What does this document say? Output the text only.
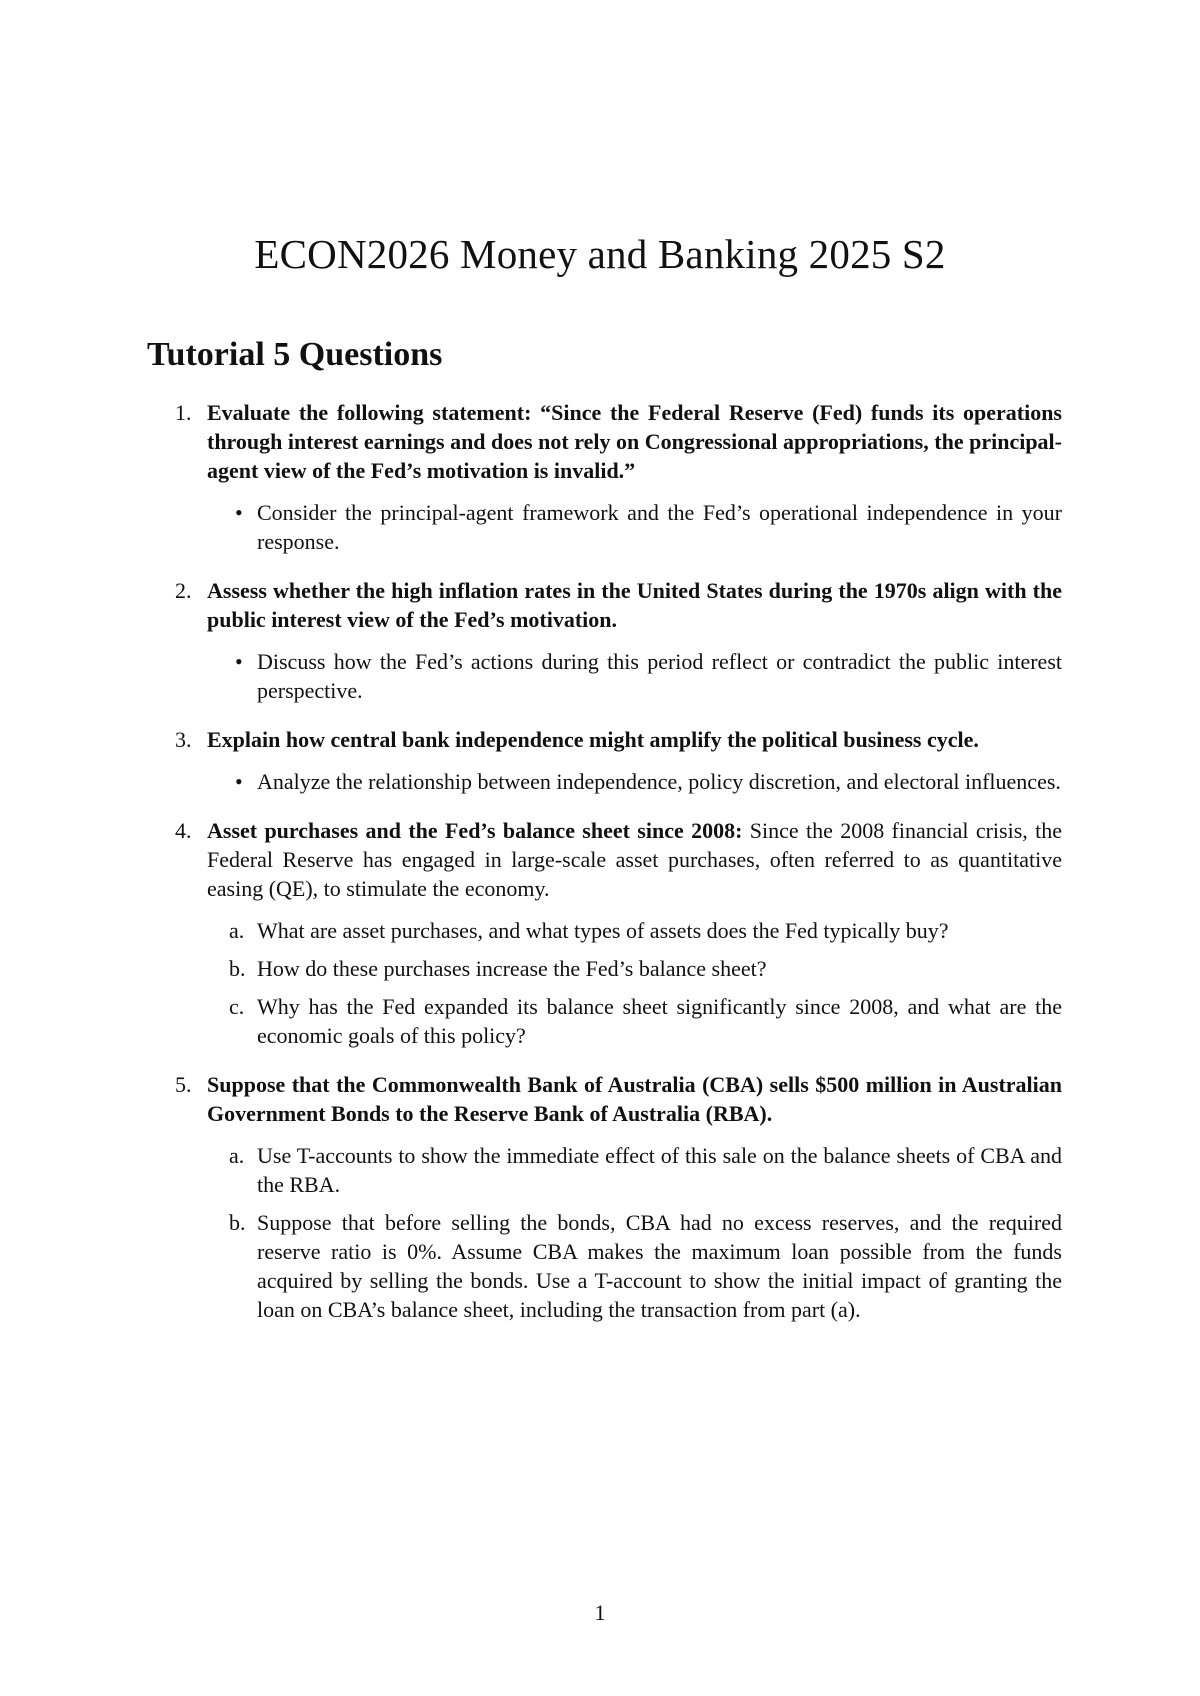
ECON2026 Money and Banking 2025 S2
Tutorial 5 Questions
1. Evaluate the following statement: “Since the Federal Reserve (Fed) funds its operations through interest earnings and does not rely on Congressional appropriations, the principal-agent view of the Fed’s motivation is invalid.”
• Consider the principal-agent framework and the Fed’s operational independence in your response.
2. Assess whether the high inflation rates in the United States during the 1970s align with the public interest view of the Fed’s motivation.
• Discuss how the Fed’s actions during this period reflect or contradict the public interest perspective.
3. Explain how central bank independence might amplify the political business cycle.
• Analyze the relationship between independence, policy discretion, and electoral influences.
4. Asset purchases and the Fed’s balance sheet since 2008: Since the 2008 financial crisis, the Federal Reserve has engaged in large-scale asset purchases, often referred to as quantitative easing (QE), to stimulate the economy.
a. What are asset purchases, and what types of assets does the Fed typically buy?
b. How do these purchases increase the Fed’s balance sheet?
c. Why has the Fed expanded its balance sheet significantly since 2008, and what are the economic goals of this policy?
5. Suppose that the Commonwealth Bank of Australia (CBA) sells $500 million in Australian Government Bonds to the Reserve Bank of Australia (RBA).
a. Use T-accounts to show the immediate effect of this sale on the balance sheets of CBA and the RBA.
b. Suppose that before selling the bonds, CBA had no excess reserves, and the required reserve ratio is 0%. Assume CBA makes the maximum loan possible from the funds acquired by selling the bonds. Use a T-account to show the initial impact of granting the loan on CBA’s balance sheet, including the transaction from part (a).
1
